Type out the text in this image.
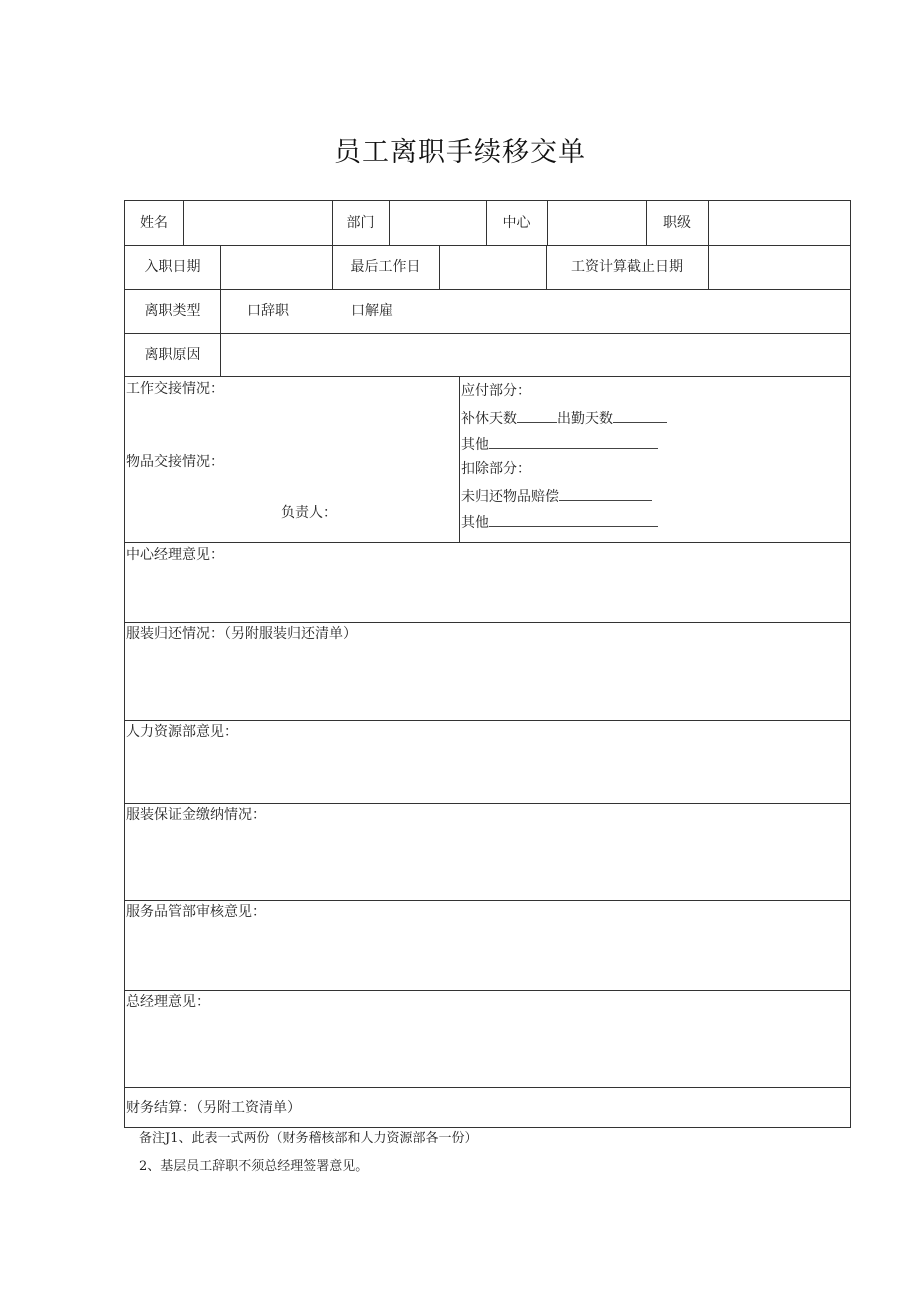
员工离职手续移交单
姓名	部门	中心	职级
入职日期	最后工作日	工资计算截止日期
离职类型	口辞职	口解雇
离职原因
工作交接情况：
物品交接情况：
负责人：
应付部分：
补休天数	出勤天数
其他
扣除部分：
未归还物品赔偿
其他
中心经理意见：
服装归还情况：（另附服装归还清单）
人力资源部意见：
服装保证金缴纳情况：
服务品管部审核意见：
总经理意见：
财务结算：（另附工资清单）
备注J1、此表一式两份（财务稽核部和人力资源部各一份）
2、基层员工辞职不须总经理签署意见。
